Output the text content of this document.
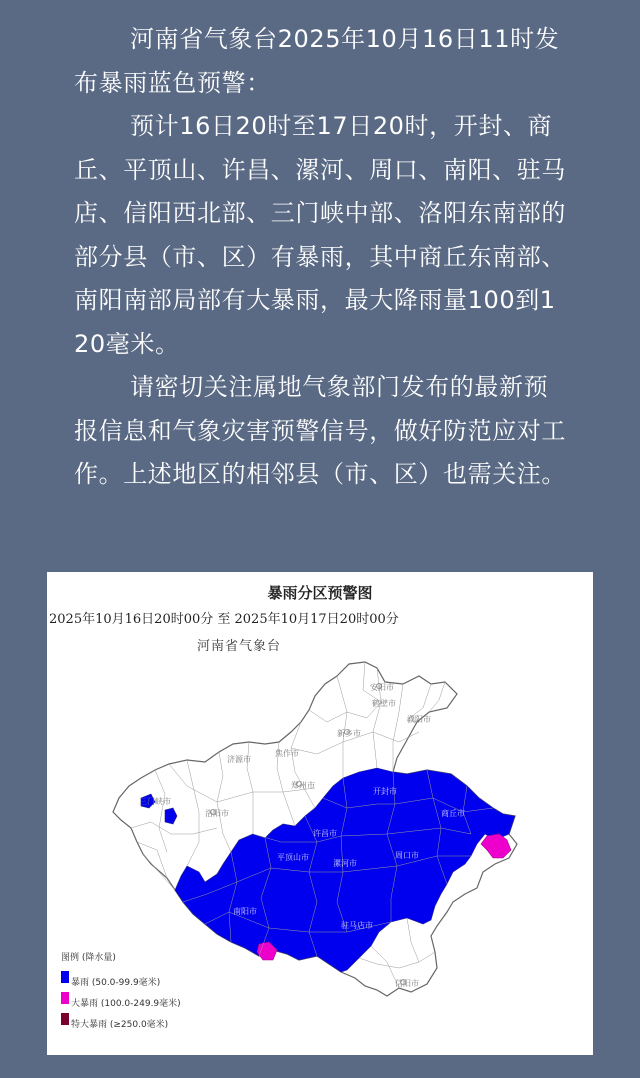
河南省气象台2025年10月16日11时发布暴雨蓝色预警：

预计16日20时至17日20时，开封、商丘、平顶山、许昌、漯河、周口、南阳、驻马店、信阳西北部、三门峡中部、洛阳东南部的部分县（市、区）有暴雨，其中商丘东南部、南阳南部局部有大暴雨，最大降雨量100到120毫米。

请密切关注属地气象部门发布的最新预报信息和气象灾害预警信号，做好防范应对工作。上述地区的相邻县（市、区）也需关注。

安阳市
鹤壁市
濮阳市
焦作市
新乡市
济源市
三门峡市
洛阳市
郑州市
开封市
商丘市
许昌市
平顶山市
漯河市
周口市
南阳市
驻马店市
信阳市
暴雨分区预警图
2025年10月16日20时00分 至 2025年10月17日20时00分
河南省气象台
图例 (降水量)
暴雨 (50.0-99.9毫米)
大暴雨 (100.0-249.9毫米)
特大暴雨 (≥250.0毫米)
